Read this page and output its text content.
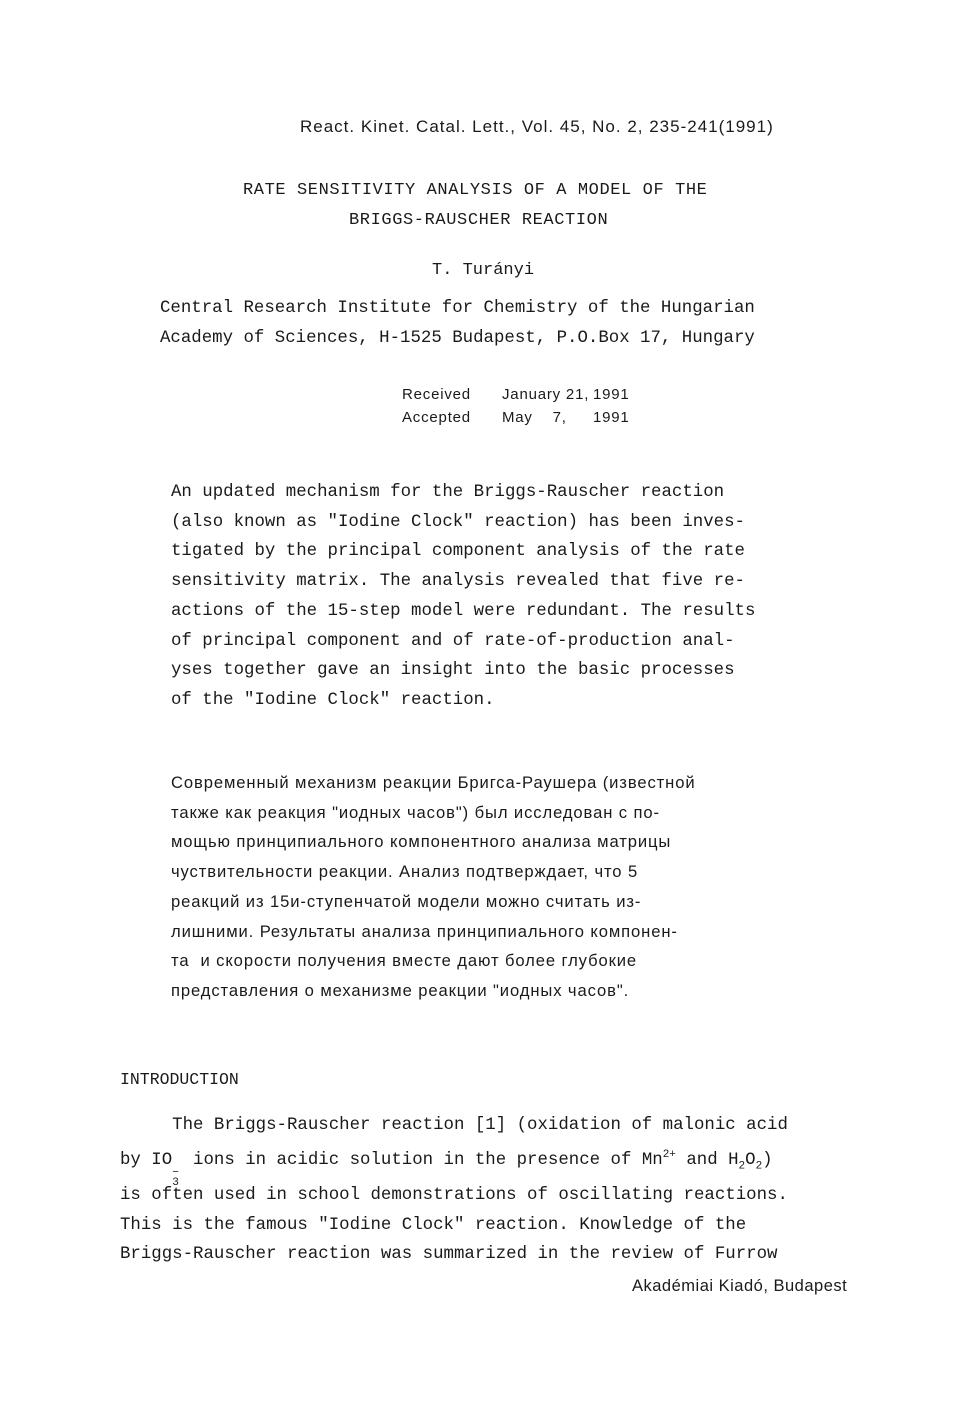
React. Kinet. Catal. Lett., Vol. 45, No. 2, 235-241(1991)
RATE SENSITIVITY ANALYSIS OF A MODEL OF THE
BRIGGS-RAUSCHER REACTION
T. Turányi
Central Research Institute for Chemistry of the Hungarian
Academy of Sciences, H-1525 Budapest, P.O.Box 17, Hungary
Received January 21, 1991
Accepted May    7, 1991
An updated mechanism for the Briggs-Rauscher reaction
(also known as "Iodine Clock" reaction) has been inves-
tigated by the principal component analysis of the rate
sensitivity matrix. The analysis revealed that five re-
actions of the 15-step model were redundant. The results
of principal component and of rate-of-production anal-
yses together gave an insight into the basic processes
of the "Iodine Clock" reaction.
Современный механизм реакции Бригса-Раушера (известной
также как реакция "иодных часов") был исследован с по-
мощью принципиального компонентного анализа матрицы
чуствительности реакции. Анализ подтверждает, что 5
реакций из 15и-ступенчатой модели можно считать из-
лишними. Результаты анализа принципиального компонен-
та  и скорости получения вместе дают более глубокие
представления о механизме реакции "иодных часов".
INTRODUCTION
The Briggs-Rauscher reaction [1] (oxidation of malonic acid
by IO
−
3
ions in acidic solution in the presence of $Mn^{2+}$ and $H_2O_2$)
is often used in school demonstrations of oscillating reactions.
This is the famous "Iodine Clock" reaction. Knowledge of the
Briggs-Rauscher reaction was summarized in the review of Furrow
Akadémiai Kiadó, Budapest
